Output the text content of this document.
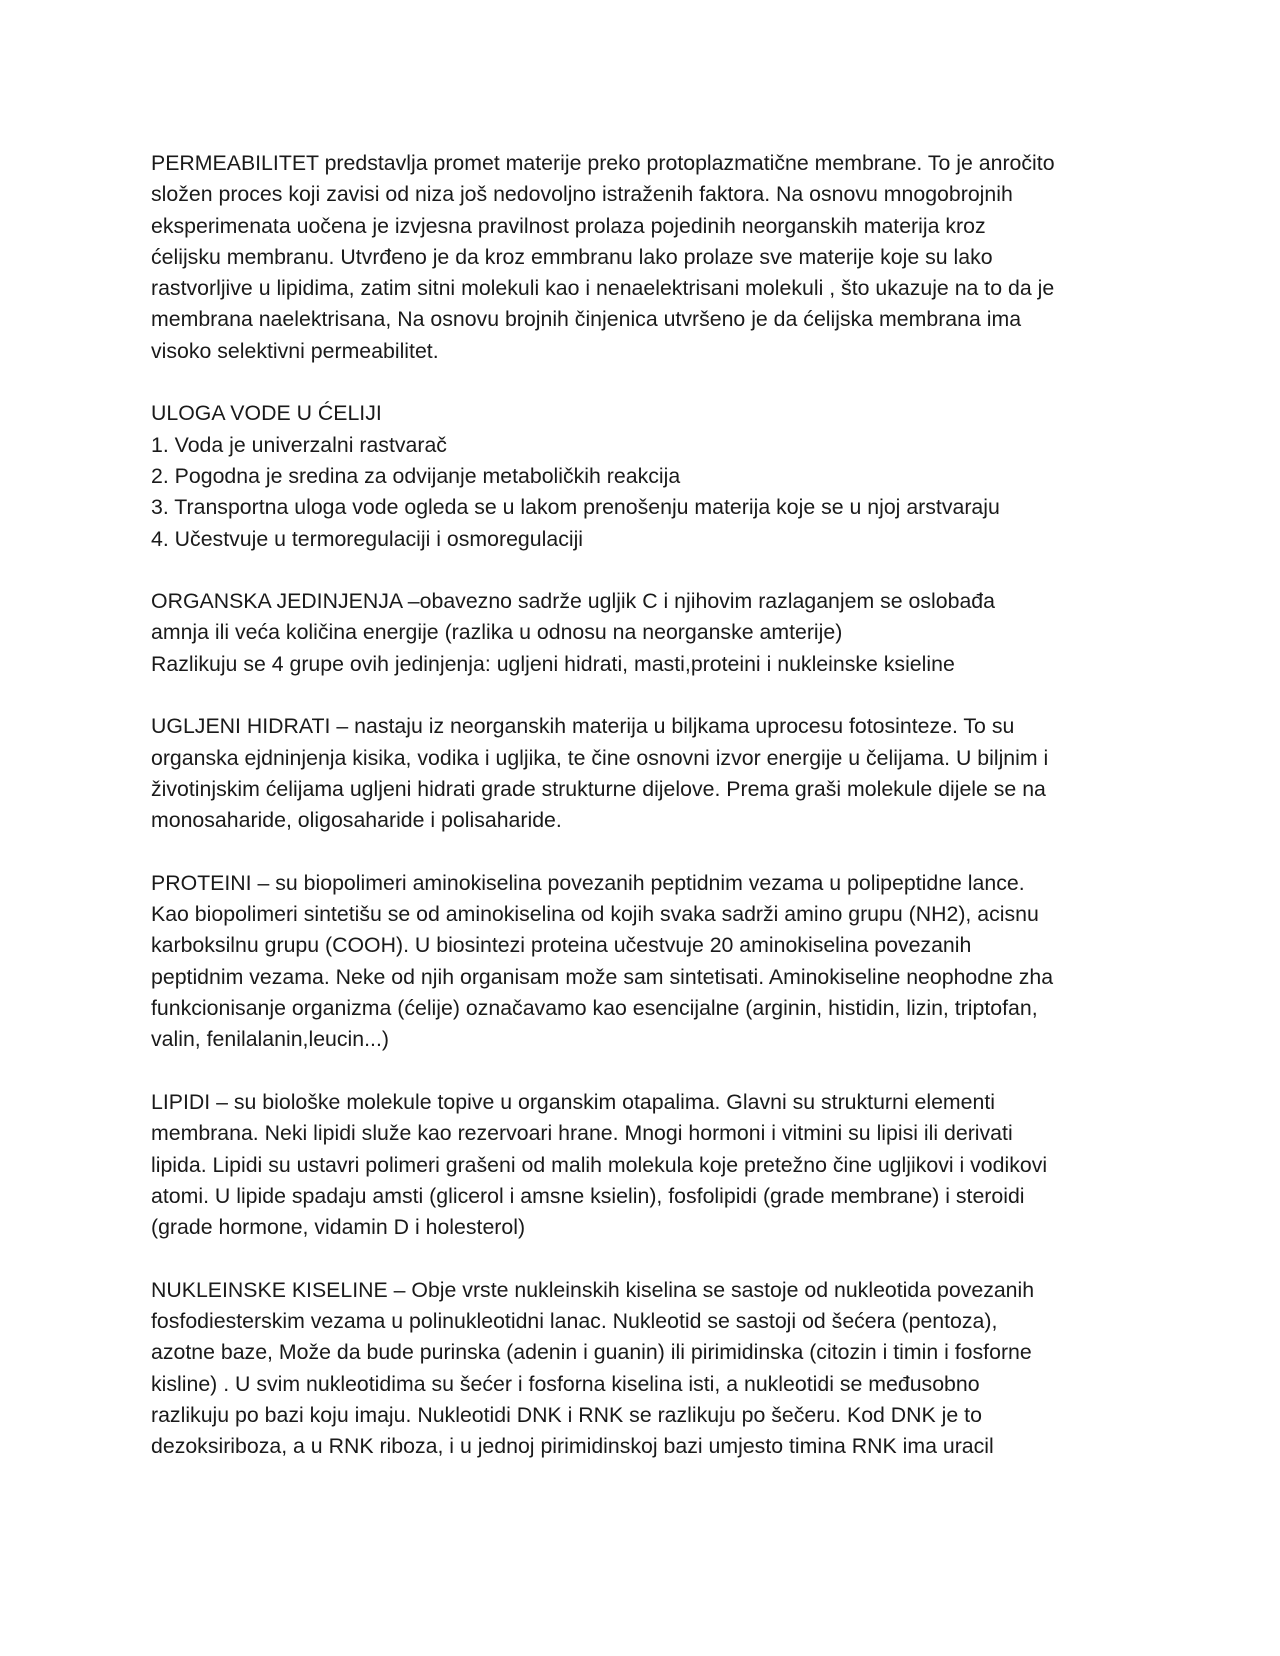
PERMEABILITET predstavlja promet materije preko protoplazmatične membrane. To je anročito
složen proces koji zavisi od niza još nedovoljno istraženih faktora. Na osnovu mnogobrojnih
eksperimenata uočena je izvjesna pravilnost prolaza pojedinih neorganskih materija kroz
ćelijsku membranu. Utvrđeno je da kroz emmbranu lako prolaze sve materije koje su lako
rastvorljive u lipidima, zatim sitni molekuli kao i nenaelektrisani molekuli , što ukazuje na to da je
membrana naelektrisana, Na osnovu brojnih činjenica utvršeno je da ćelijska membrana ima
visoko selektivni permeabilitet.
ULOGA VODE U ĆELIJI
1. Voda je univerzalni rastvarač
2. Pogodna je sredina za odvijanje metaboličkih reakcija
3. Transportna uloga vode ogleda se u lakom prenošenju materija koje se u njoj arstvaraju
4. Učestvuje u termoregulaciji i osmoregulaciji
ORGANSKA JEDINJENJA –obavezno sadrže ugljik C i njihovim razlaganjem se oslobađa
amnja ili veća količina energije (razlika u odnosu na neorganske amterije)
Razlikuju se 4 grupe ovih jedinjenja: ugljeni hidrati, masti,proteini i nukleinske ksieline
UGLJENI HIDRATI – nastaju iz neorganskih materija u biljkama uprocesu fotosinteze. To su
organska ejdninjenja kisika, vodika i ugljika, te čine osnovni izvor energije u čelijama. U biljnim i
životinjskim ćelijama ugljeni hidrati grade strukturne dijelove. Prema graši molekule dijele se na
monosaharide, oligosaharide i polisaharide.
PROTEINI – su biopolimeri aminokiselina povezanih peptidnim vezama u polipeptidne lance.
Kao biopolimeri sintetišu se od aminokiselina od kojih svaka sadrži amino grupu (NH2), acisnu
karboksilnu grupu (COOH). U biosintezi proteina učestvuje 20 aminokiselina povezanih
peptidnim vezama. Neke od njih organisam može sam sintetisati. Aminokiseline neophodne zha
funkcionisanje organizma (ćelije) označavamo kao esencijalne (arginin, histidin, lizin, triptofan,
valin, fenilalanin,leucin...)
LIPIDI – su biološke molekule topive u organskim otapalima. Glavni su strukturni elementi
membrana. Neki lipidi služe kao rezervoari hrane. Mnogi hormoni i vitmini su lipisi ili derivati
lipida. Lipidi su ustavri polimeri grašeni od malih molekula koje pretežno čine ugljikovi i vodikovi
atomi. U lipide spadaju amsti (glicerol i amsne ksielin), fosfolipidi (grade membrane) i steroidi
(grade hormone, vidamin D i holesterol)
NUKLEINSKE KISELINE – Obje vrste nukleinskih kiselina se sastoje od nukleotida povezanih
fosfodiesterskim vezama u polinukleotidni lanac. Nukleotid se sastoji od šećera (pentoza),
azotne baze, Može da bude purinska (adenin i guanin) ili pirimidinska (citozin i timin i fosforne
kisline) . U svim nukleotidima su šećer i fosforna kiselina isti, a nukleotidi se međusobno
razlikuju po bazi koju imaju. Nukleotidi DNK i RNK se razlikuju po šečeru. Kod DNK je to
dezoksiriboza, a u RNK riboza, i u jednoj pirimidinskoj bazi umjesto timina RNK ima uracil
